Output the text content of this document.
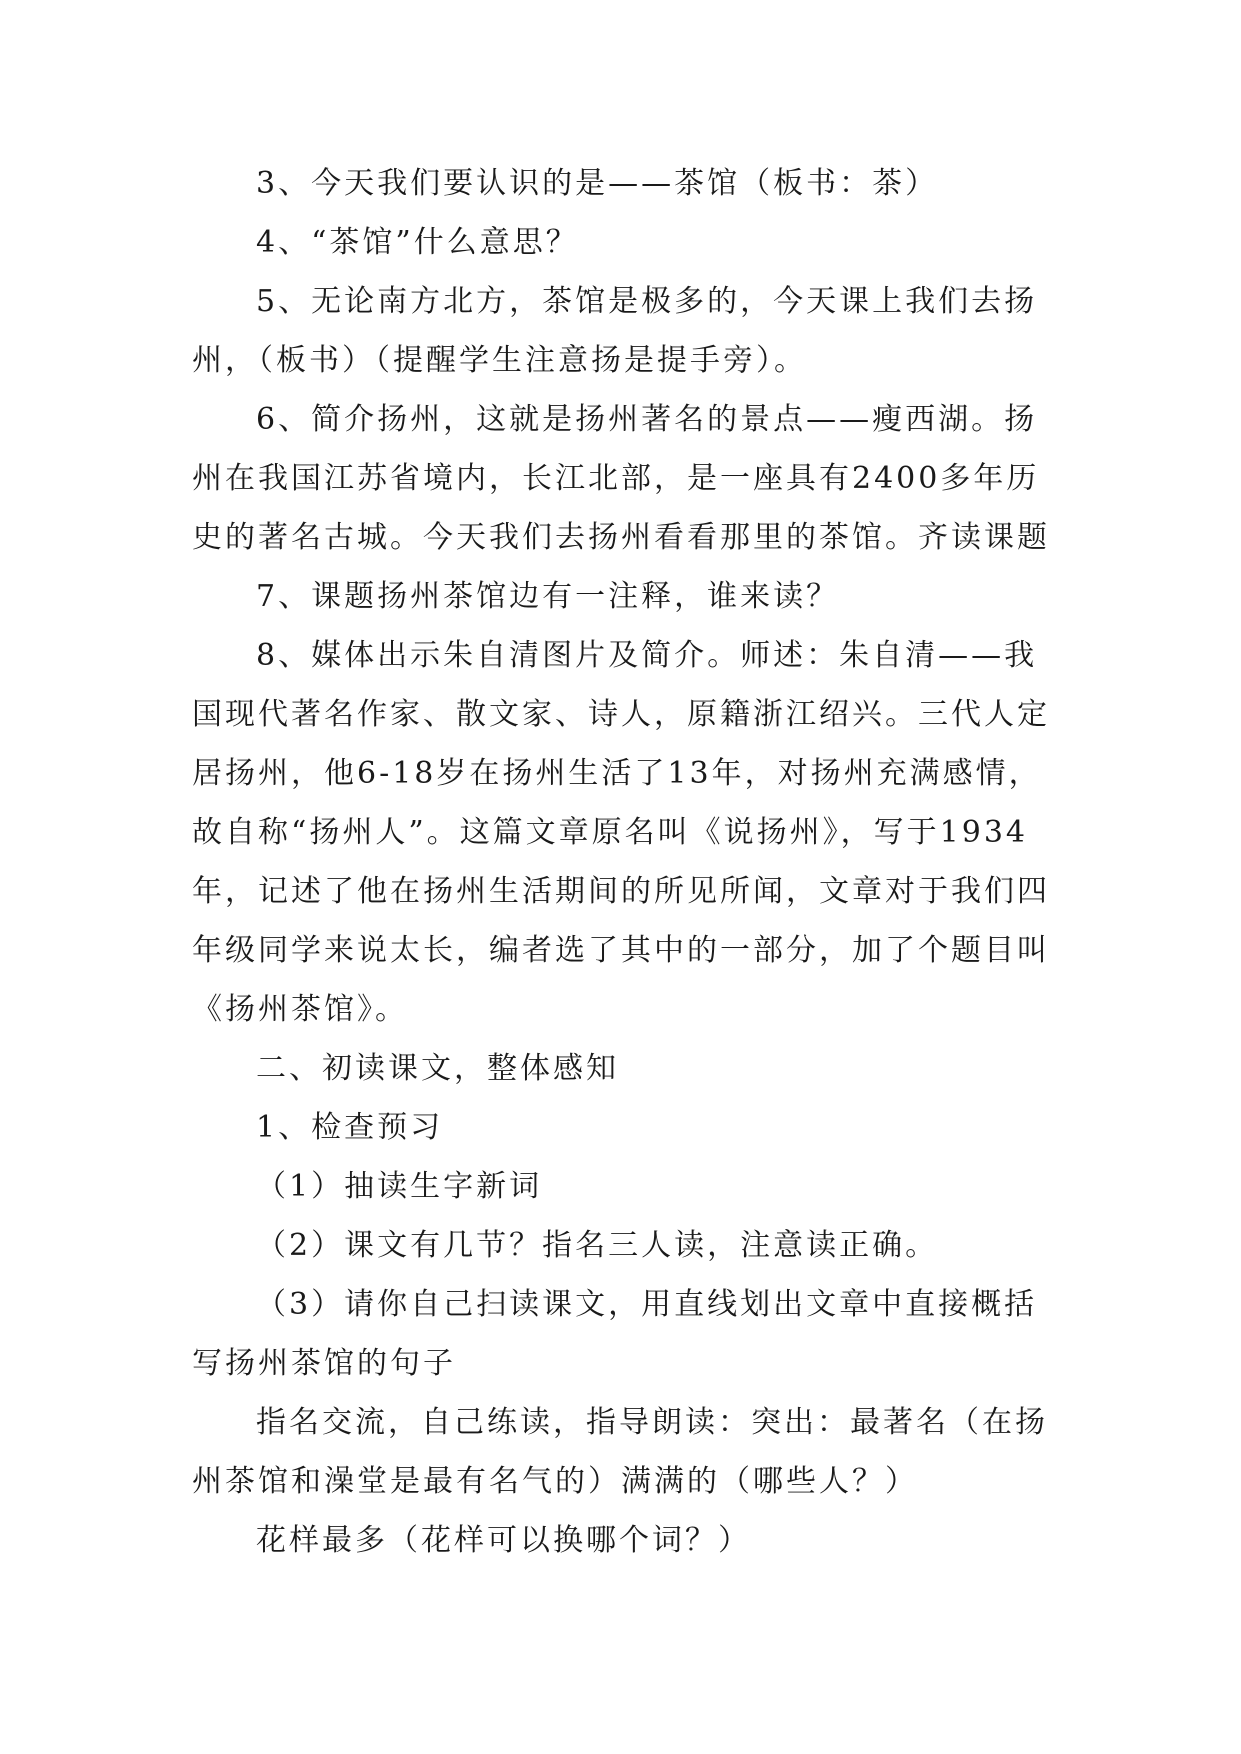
3、今天我们要认识的是——茶馆（板书：茶）

4、“茶馆”什么意思？

5、无论南方北方，茶馆是极多的，今天课上我们去扬州，（板书）（提醒学生注意扬是提手旁）。

6、简介扬州，这就是扬州著名的景点——瘦西湖。扬州在我国江苏省境内，长江北部，是一座具有2400多年历史的著名古城。今天我们去扬州看看那里的茶馆。齐读课题

7、课题扬州茶馆边有一注释，谁来读？

8、媒体出示朱自清图片及简介。师述：朱自清——我国现代著名作家、散文家、诗人，原籍浙江绍兴。三代人定居扬州，他6-18岁在扬州生活了13年，对扬州充满感情，故自称“扬州人”。这篇文章原名叫《说扬州》，写于1934年，记述了他在扬州生活期间的所见所闻，文章对于我们四年级同学来说太长，编者选了其中的一部分，加了个题目叫《扬州茶馆》。

二、初读课文，整体感知

1、检查预习

（1）抽读生字新词

（2）课文有几节？指名三人读，注意读正确。

（3）请你自己扫读课文，用直线划出文章中直接概括写扬州茶馆的句子

指名交流，自己练读，指导朗读：突出：最著名（在扬州茶馆和澡堂是最有名气的）满满的（哪些人？）

花样最多（花样可以换哪个词？）
